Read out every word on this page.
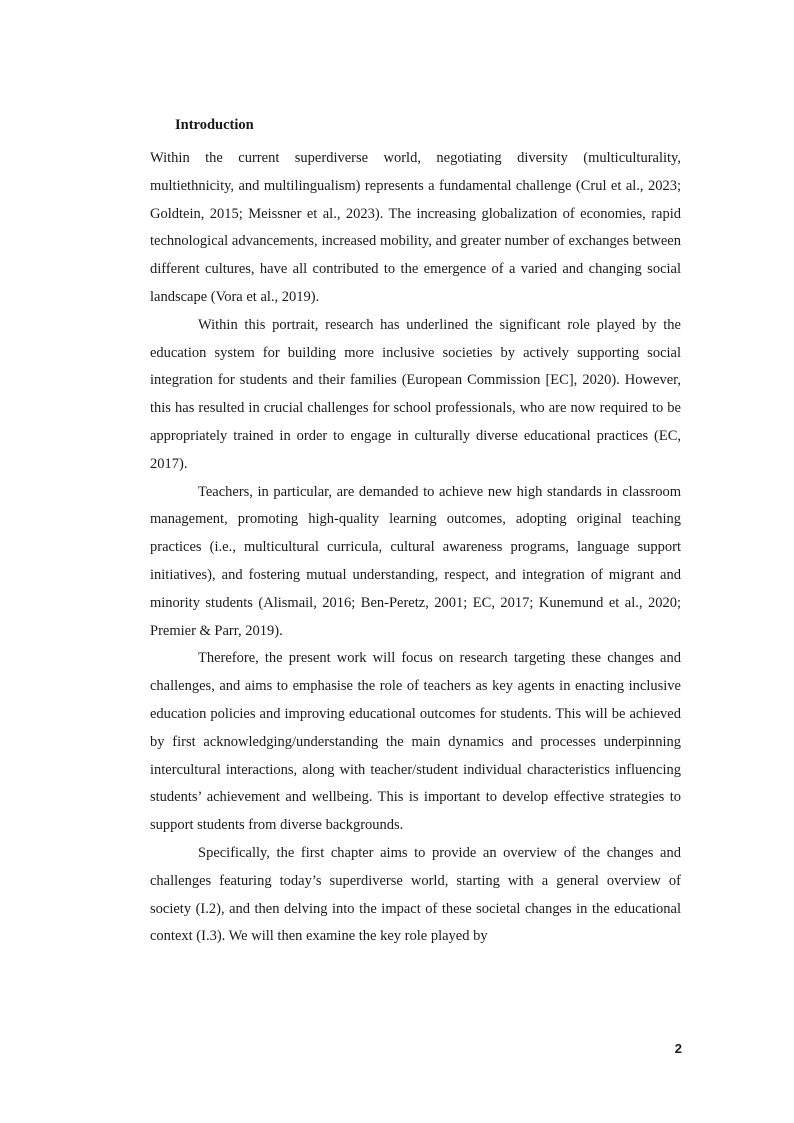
Introduction

Within the current superdiverse world, negotiating diversity (multiculturality, multiethnicity, and multilingualism) represents a fundamental challenge (Crul et al., 2023; Goldtein, 2015; Meissner et al., 2023). The increasing globalization of economies, rapid technological advancements, increased mobility, and greater number of exchanges between different cultures, have all contributed to the emergence of a varied and changing social landscape (Vora et al., 2019).

Within this portrait, research has underlined the significant role played by the education system for building more inclusive societies by actively supporting social integration for students and their families (European Commission [EC], 2020). However, this has resulted in crucial challenges for school professionals, who are now required to be appropriately trained in order to engage in culturally diverse educational practices (EC, 2017).

Teachers, in particular, are demanded to achieve new high standards in classroom management, promoting high-quality learning outcomes, adopting original teaching practices (i.e., multicultural curricula, cultural awareness programs, language support initiatives), and fostering mutual understanding, respect, and integration of migrant and minority students (Alismail, 2016; Ben-Peretz, 2001; EC, 2017; Kunemund et al., 2020; Premier & Parr, 2019).

Therefore, the present work will focus on research targeting these changes and challenges, and aims to emphasise the role of teachers as key agents in enacting inclusive education policies and improving educational outcomes for students. This will be achieved by first acknowledging/understanding the main dynamics and processes underpinning intercultural interactions, along with teacher/student individual characteristics influencing students’ achievement and wellbeing. This is important to develop effective strategies to support students from diverse backgrounds.

Specifically, the first chapter aims to provide an overview of the changes and challenges featuring today’s superdiverse world, starting with a general overview of society (I.2), and then delving into the impact of these societal changes in the educational context (I.3). We will then examine the key role played by

2
